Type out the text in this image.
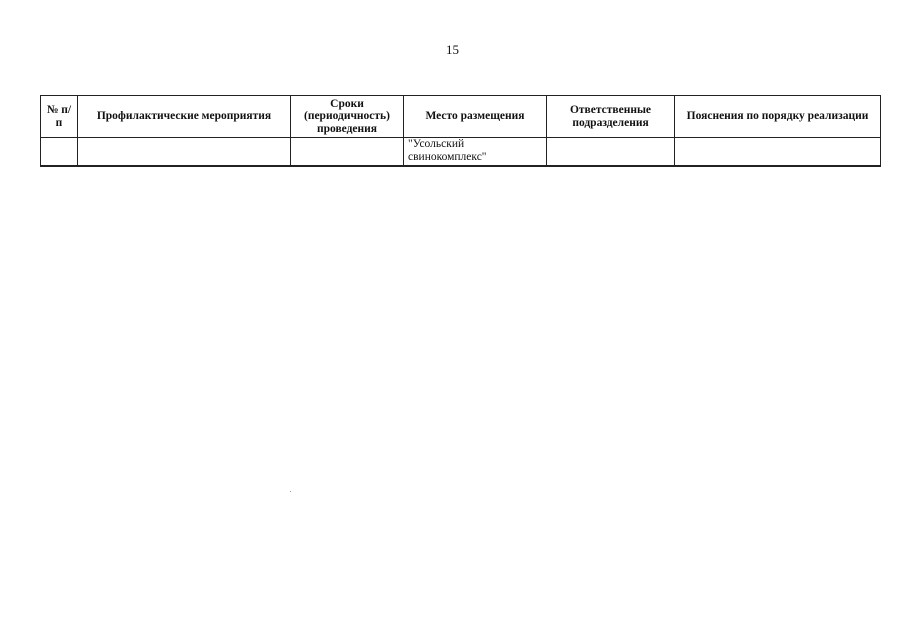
15
№ п/п	Профилактические мероприятия	Сроки (периодичность) проведения	Место размещения	Ответственные подразделения	Пояснения по порядку реализации
			"Усольский свинокомплекс"		
